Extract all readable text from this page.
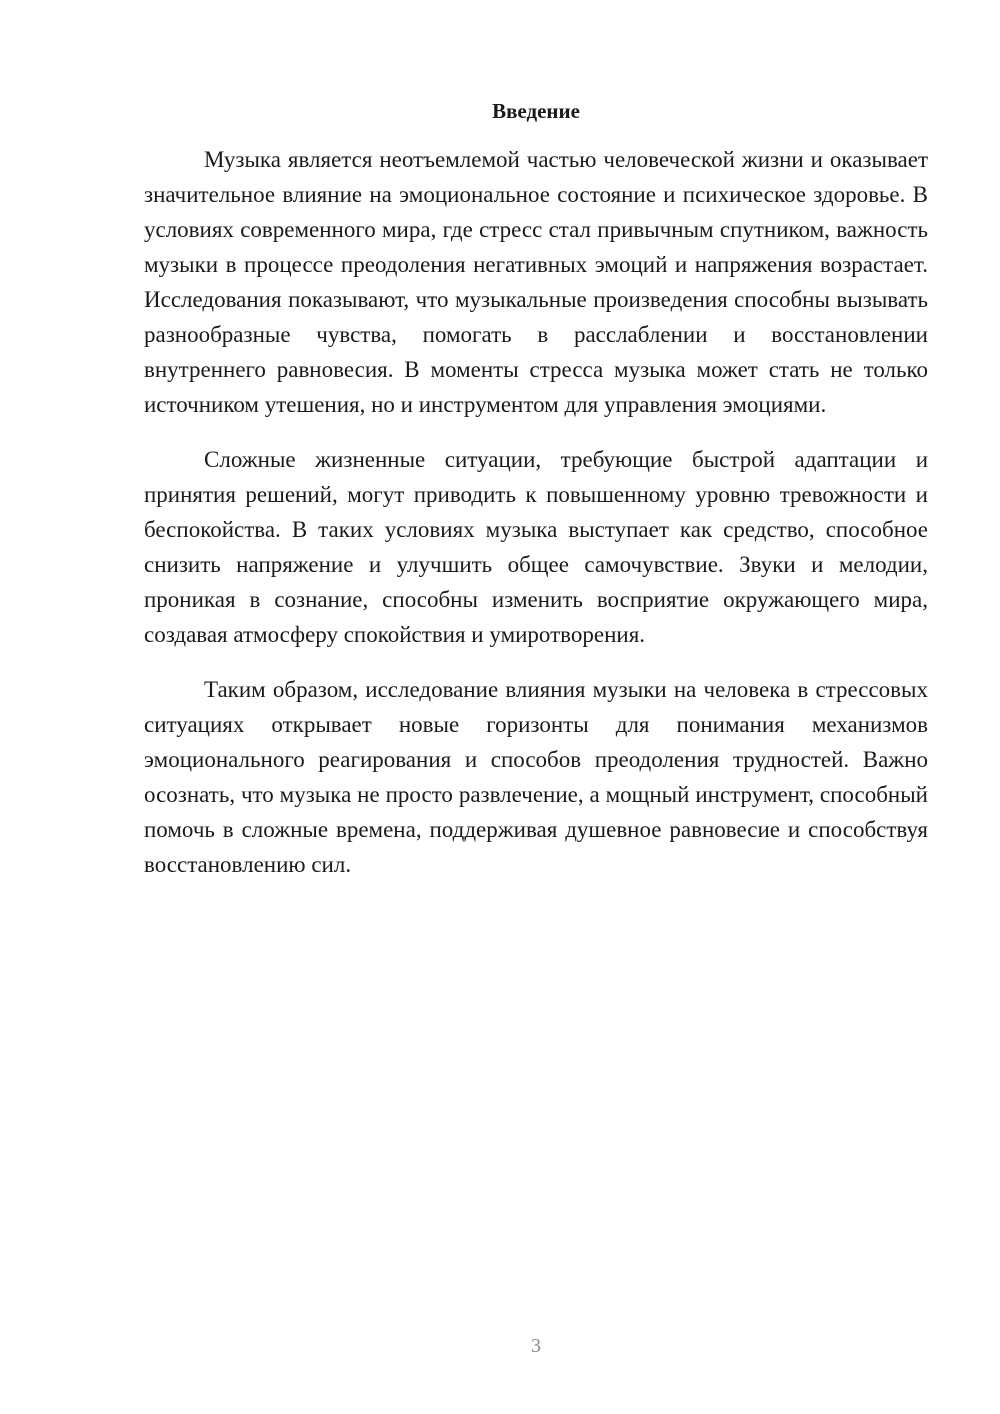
Введение

Музыка является неотъемлемой частью человеческой жизни и оказывает значительное влияние на эмоциональное состояние и психическое здоровье. В условиях современного мира, где стресс стал привычным спутником, важность музыки в процессе преодоления негативных эмоций и напряжения возрастает. Исследования показывают, что музыкальные произведения способны вызывать разнообразные чувства, помогать в расслаблении и восстановлении внутреннего равновесия. В моменты стресса музыка может стать не только источником утешения, но и инструментом для управления эмоциями.

Сложные жизненные ситуации, требующие быстрой адаптации и принятия решений, могут приводить к повышенному уровню тревожности и беспокойства. В таких условиях музыка выступает как средство, способное снизить напряжение и улучшить общее самочувствие. Звуки и мелодии, проникая в сознание, способны изменить восприятие окружающего мира, создавая атмосферу спокойствия и умиротворения.

Таким образом, исследование влияния музыки на человека в стрессовых ситуациях открывает новые горизонты для понимания механизмов эмоционального реагирования и способов преодоления трудностей. Важно осознать, что музыка не просто развлечение, а мощный инструмент, способный помочь в сложные времена, поддерживая душевное равновесие и способствуя восстановлению сил.

3
